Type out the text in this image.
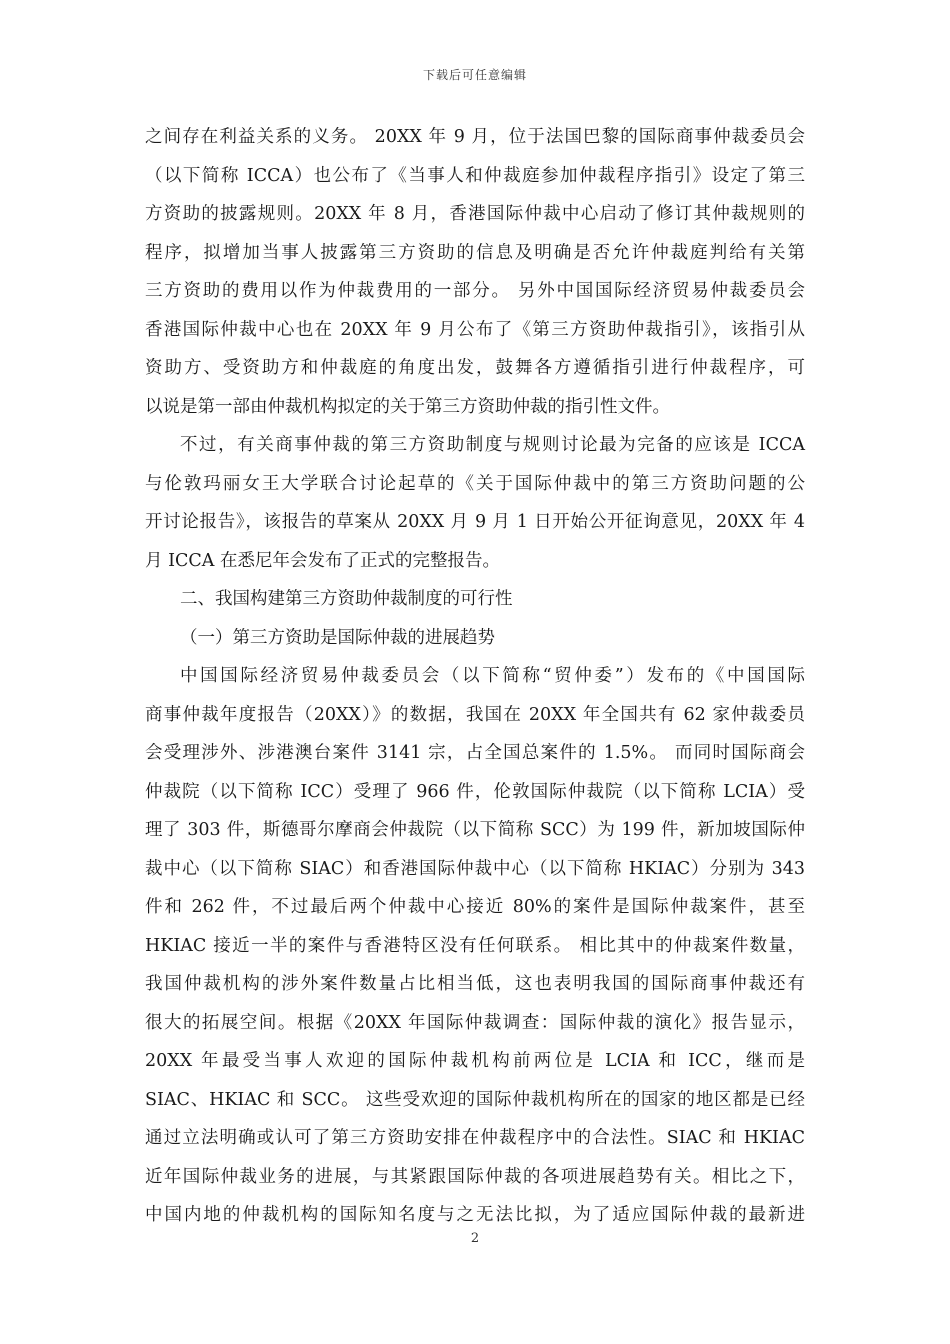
下载后可任意编辑
之间存在利益关系的义务。 20XX 年 9 月，位于法国巴黎的国际商事仲裁委员会
（以下简称 ICCA）也公布了《当事人和仲裁庭参加仲裁程序指引》设定了第三
方资助的披露规则。20XX 年 8 月，香港国际仲裁中心启动了修订其仲裁规则的
程序，拟增加当事人披露第三方资助的信息及明确是否允许仲裁庭判给有关第
三方资助的费用以作为仲裁费用的一部分。 另外中国国际经济贸易仲裁委员会
香港国际仲裁中心也在 20XX 年 9 月公布了《第三方资助仲裁指引》，该指引从
资助方、受资助方和仲裁庭的角度出发，鼓舞各方遵循指引进行仲裁程序，可
以说是第一部由仲裁机构拟定的关于第三方资助仲裁的指引性文件。
不过，有关商事仲裁的第三方资助制度与规则讨论最为完备的应该是 ICCA
与伦敦玛丽女王大学联合讨论起草的《关于国际仲裁中的第三方资助问题的公
开讨论报告》，该报告的草案从 20XX 月 9 月 1 日开始公开征询意见，20XX 年 4
月 ICCA 在悉尼年会发布了正式的完整报告。
二、我国构建第三方资助仲裁制度的可行性
（一）第三方资助是国际仲裁的进展趋势
中国国际经济贸易仲裁委员会（以下简称“贸仲委”）发布的《中国国际
商事仲裁年度报告（20XX）》的数据，我国在 20XX 年全国共有 62 家仲裁委员
会受理涉外、涉港澳台案件 3141 宗，占全国总案件的 1.5%。 而同时国际商会
仲裁院（以下简称 ICC）受理了 966 件，伦敦国际仲裁院（以下简称 LCIA）受
理了 303 件，斯德哥尔摩商会仲裁院（以下简称 SCC）为 199 件，新加坡国际仲
裁中心（以下简称 SIAC）和香港国际仲裁中心（以下简称 HKIAC）分别为 343
件和 262 件，不过最后两个仲裁中心接近 80%的案件是国际仲裁案件，甚至
HKIAC 接近一半的案件与香港特区没有任何联系。 相比其中的仲裁案件数量，
我国仲裁机构的涉外案件数量占比相当低，这也表明我国的国际商事仲裁还有
很大的拓展空间。根据《20XX 年国际仲裁调查：国际仲裁的演化》报告显示，
20XX 年最受当事人欢迎的国际仲裁机构前两位是 LCIA 和 ICC，继而是
SIAC、HKIAC 和 SCC。 这些受欢迎的国际仲裁机构所在的国家的地区都是已经
通过立法明确或认可了第三方资助安排在仲裁程序中的合法性。SIAC 和 HKIAC
近年国际仲裁业务的进展，与其紧跟国际仲裁的各项进展趋势有关。相比之下，
中国内地的仲裁机构的国际知名度与之无法比拟，为了适应国际仲裁的最新进
2
